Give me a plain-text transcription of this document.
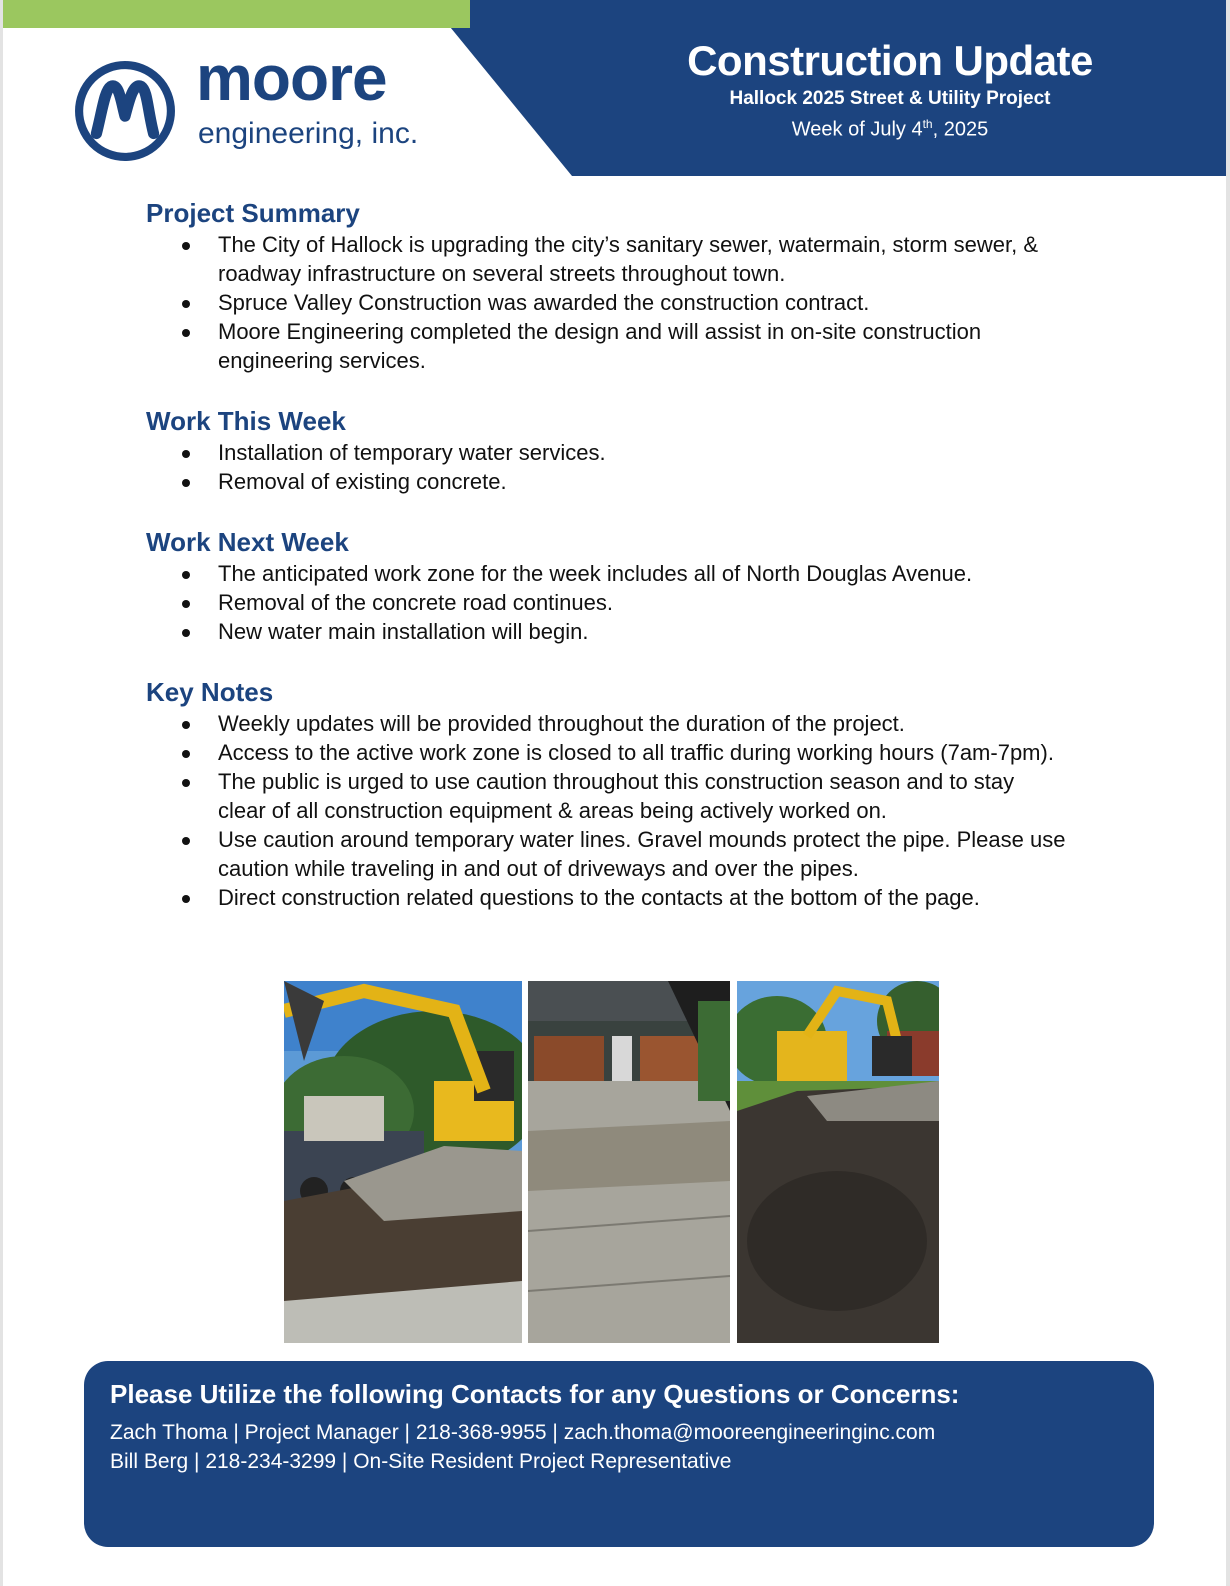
moore
engineering, inc.
Construction Update
Hallock 2025 Street & Utility Project
Week of July 4th, 2025
Project Summary
The City of Hallock is upgrading the city’s sanitary sewer, watermain, storm sewer, & roadway infrastructure on several streets throughout town.
Spruce Valley Construction was awarded the construction contract.
Moore Engineering completed the design and will assist in on-site construction engineering services.
Work This Week
Installation of temporary water services.
Removal of existing concrete.
Work Next Week
The anticipated work zone for the week includes all of North Douglas Avenue.
Removal of the concrete road continues.
New water main installation will begin.
Key Notes
Weekly updates will be provided throughout the duration of the project.
Access to the active work zone is closed to all traffic during working hours (7am-7pm).
The public is urged to use caution throughout this construction season and to stay clear of all construction equipment & areas being actively worked on.
Use caution around temporary water lines. Gravel mounds protect the pipe. Please use caution while traveling in and out of driveways and over the pipes.
Direct construction related questions to the contacts at the bottom of the page.
Please Utilize the following Contacts for any Questions or Concerns:
Zach Thoma | Project Manager | 218-368-9955 | zach.thoma@mooreengineeringinc.com
Bill Berg | 218-234-3299 | On-Site Resident Project Representative
